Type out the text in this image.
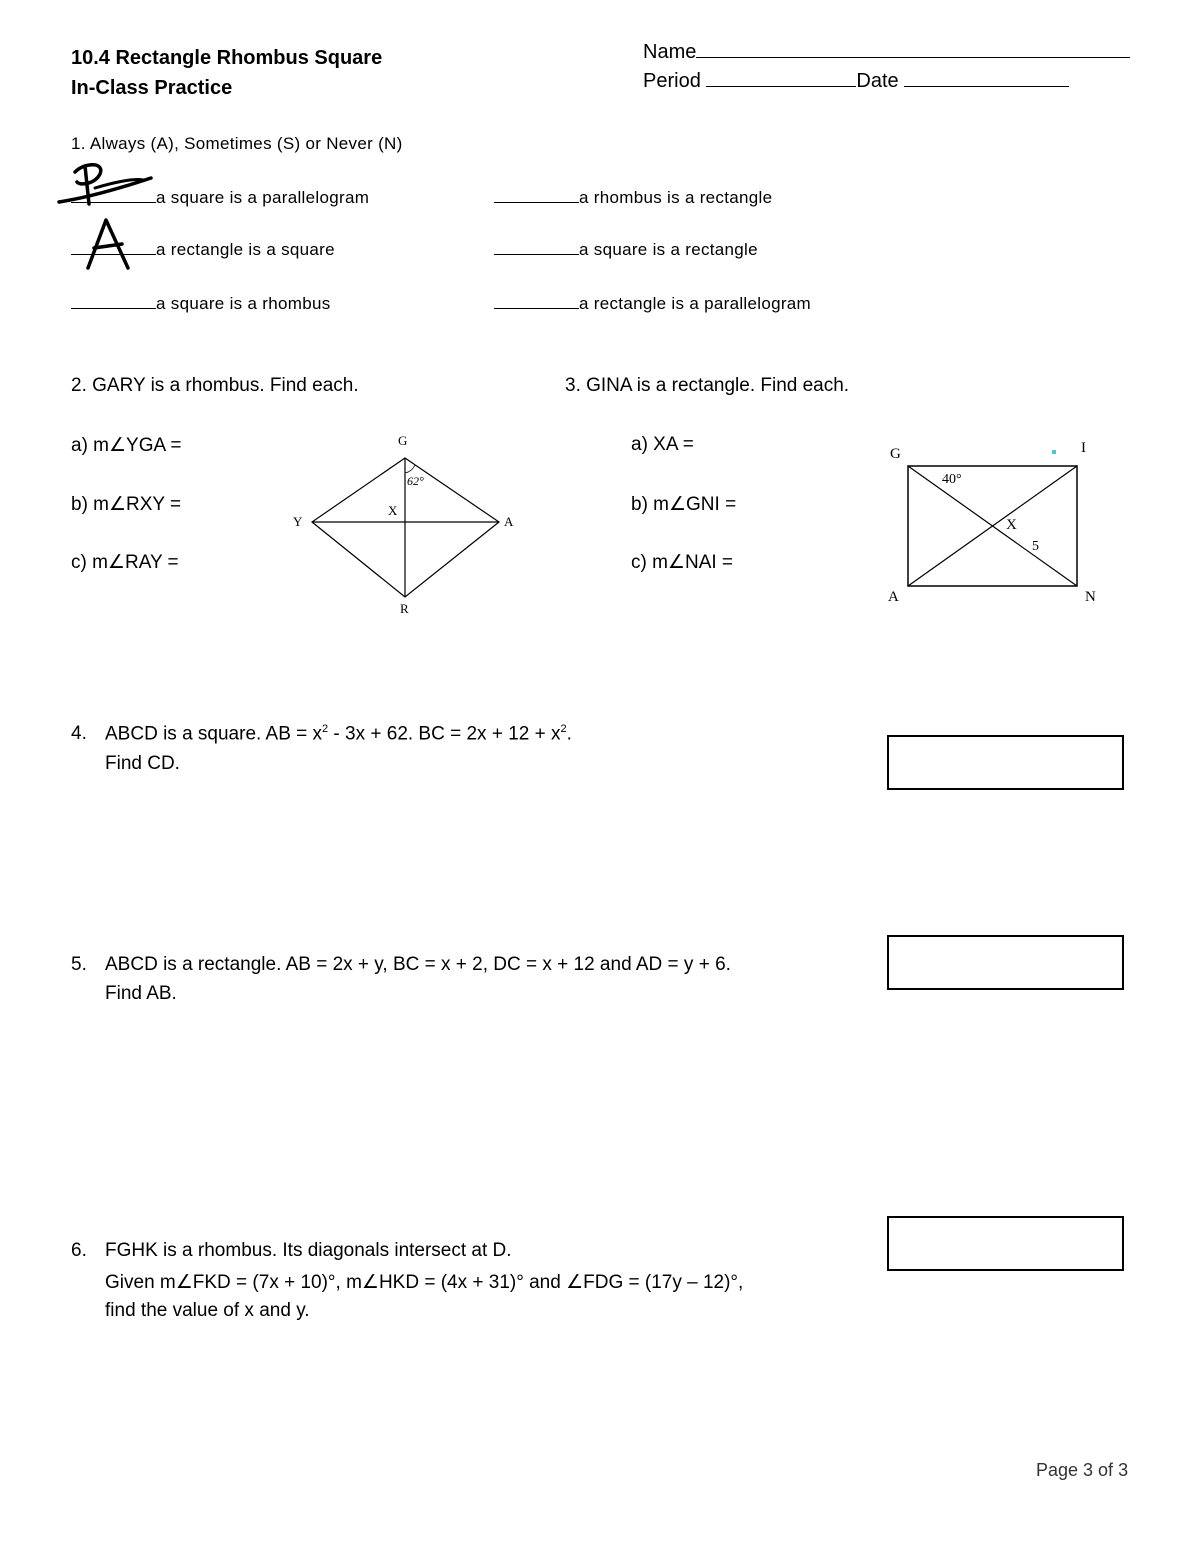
10.4 Rectangle Rhombus Square
In-Class Practice
Name
Period	Date
1. Always (A), Sometimes (S) or Never (N)
a square is a parallelogram
a rectangle is a square
a square is a rhombus
a rhombus is a rectangle
a square is a rectangle
a rectangle is a parallelogram
2. GARY is a rhombus. Find each.
a) m∠YGA =
b) m∠RXY =
c) m∠RAY =
G
A
R
Y
X
62°
3. GINA is a rectangle. Find each.
a) XA =
b) m∠GNI =
c) m∠NAI =
G	I
N
A
X
40°
5
4. ABCD is a square. AB = $x^2 - 3x + 62$. BC = $2x + 12 + x^2$.
Find CD.
5. ABCD is a rectangle. AB = 2x + y, BC = x + 2, DC = x + 12 and AD = y + 6.
Find AB.
6. FGHK is a rhombus. Its diagonals intersect at D.
Given m∠FKD = (7x + 10)°, m∠HKD = (4x + 31)° and ∠FDG = (17y – 12)°,
find the value of x and y.
Page 3 of 3
